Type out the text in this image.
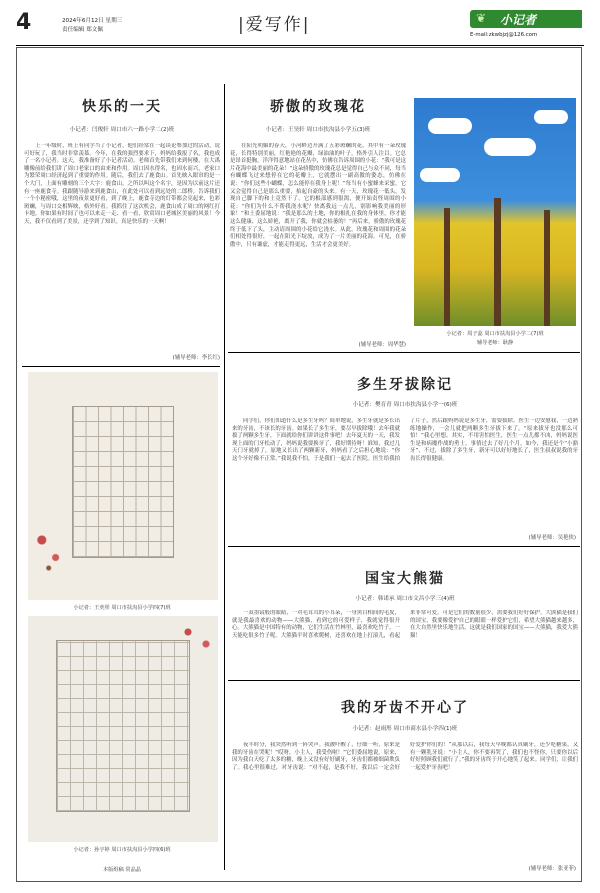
4	2024年6月12日 星期三
责任编辑 郑文佩	|爱写作|	❦ 小记者
E-mail:zkwbjzj@126.com
快乐的一天
小记者：闫俊轩 周口市六一路小学二(2)班
上一年级时，班上有同学当了小记者，他们经常在一起谈论参加过的活动，说可好玩了，我当时非常羡慕。今年，在我的强烈要求下，妈妈给我报了名，我也成了一名小记者。这天，我准备好了小记者活动。老师首先带我们来到何楼，在大禹雕像前给我们讲了周口老家口的由来和作用。周口因水得名，也因水而兴，老家口为繁荣周口经济起到了重要的作用。随后，我们去了鹿食山。首先映入眼帘的是一个大门，上面有雕刻的三个大字：鹿食山。之所以叫这个名字，是因为以前这片还有一座鹿食寺。我跟随导游来到鹿食山，在此处可以看到远处的二郎桥。告诉我们一个小秘密哦，这里的夜景更好看，到了晚上，鹿食寺边的灯带都会亮起来，色彩斑斓，与周口交相辉映，格外好看。我抓住了这次机会，鹿食山成了周口的网红打卡地。你如果有时间了也可以来走一走、看一看，欣赏周口老城区美丽的风景！今天，我不仅看到了美景，还学到了知识。真是快乐的一天啊！
(辅导老师：李长红)
小记者：王奕彤 周口市扶沟县小学四(7)班
小记者：孙宇婷 周口市扶沟县小学四(6)班
本版组稿 常晶晶
骄傲的玫瑰花
小记者：王昊轩 周口市扶沟县小学五(3)班
在阳光明媚的春天，小河畔边开满了五彩斑斓的花，其中有一朵玫瑰花，长得特别美丽，红艳艳的花瓣，绿油油的叶子，格外引人注目。它总是昂首挺胸，洋洋得意地站在花丛中，仿佛在告诉周围的小花：“我可是这片花海中最美丽的花朵！”这朵骄傲的玫瑰花总是觉得自己与众不同，每当有蝴蝶飞过来想停在它的花瓣上，它就摆出一副高傲的姿态，仿佛在说：“你们这些小蝴蝶，怎么能停在我身上呢！”每当有小蜜蜂来采蜜，它又会觉得自己是那么重要，抬起自豪的头来。有一天，玫瑰花一低头，发现自己脚下的和土竟然干了。它的根部感到很渴，便开始责怪周围的小花：“你们为什么不帮我浇水呢？快离我远一点儿，别影响我美丽的形象！”和土委屈地说：“我是那么的土地，你的根扎在我的身体里，你才能这么健康、这么娇艳，离开了我，你就会枯萎的！”再后来，骄傲的玫瑰花终于低下了头，主动请周围的小花给它浇水。从此，玫瑰花和周围的花朵们相处得很好，一起在阳光下绽放，成为了一片美丽的花海。可见，在骄傲中，只有谦虚，才能走得更远，生活才会更美好。
(辅导老师：周华慧)
小记者：周子蕊 周口市扶沟县小学二(7)班
辅导老师：耿静
多生牙拔除记
小记者：樊育青 周口市扶沟县小学一(6)班
同学们，你们知道什么是多生牙吗？简单地说，多生牙就是多长出来的牙齿，不该长的牙齿。如果长了多生牙，要尽早拔除哦！去年我就拔了两颗多生牙，下面就给你们讲讲这件事吧！去年夏天的一天，我发现上面的门牙松动了，妈妈说我要换牙了，我好期待呀！谁知，我过几天门牙就掉了，原地又长出了两颗新牙，妈妈看了之后担心地说：“你这个牙好像不正常。”我说我不怕，于是我们一起去了医院。医生给我拍了片子，然后跟妈妈说是多生牙，需要拔除。医生一边安慰我，一边熟练地操作，一会儿就把两颗多生牙拔下来了。“原来拔牙也没那么可怕！”我心里想。其实，不用害怕医生，医生一点儿都不凶，妈妈说医生是和病魔作战的勇士。事情过去了好几个月，如今，我还是个“小豁牙”，不过，拔除了多生牙，新牙可以好好地长了，医生叔叔说我的牙齿长得很健康。
(辅导老师：吴艳侠)
国宝大熊猫
小记者：韩诺承 周口市文昌小学三(4)班
一双墨镜般的眼睛，一对毛茸茸的小耳朵，一身黑白相间的毛皮，就是我最喜欢的动物——大熊猫，看到它的可爱样子，我就觉得很开心。大熊猫是中国特有的动物，它们生活在竹林里，最喜欢吃竹子，一天能吃很多竹子呢。大熊猫平时喜欢爬树，还喜欢在地上打滚儿，看起来非常可爱。可是它们的数量很少，需要我们好好保护。大熊猫是我们的国宝，我要像爱护自己的眼睛一样爱护它们，希望大熊猫越来越多，在大自然里快乐地生活。这就是我们国家的国宝——大熊猫，我爱大熊猫！
我的牙齿不开心了
小记者：赵雨彤 周口市商水县小学四(1)班
夜半时分，我突然听到一阵哭声。我被吓醒了，仔细一听，原来是我的牙齿在哭呢！“哎呀，小主人，我受伤啦！”它们委屈地说。原来，因为我白天吃了太多的糖，晚上又没有好好刷牙，牙齿们都被细菌欺负了。我心里很难过，对牙齿说：“对不起，是我不好，我以后一定会好好爱护你们的！”从那以后，我每天早晚都认真刷牙，还少吃糖果。又有一颗乳牙说：“小主人，你不要再哭了，我们也不怪你，只要你以后好好照顾我们就行了。”我的牙齿终于开心地笑了起来。同学们，让我们一起爱护牙齿吧！
(辅导老师：张亚菲)
